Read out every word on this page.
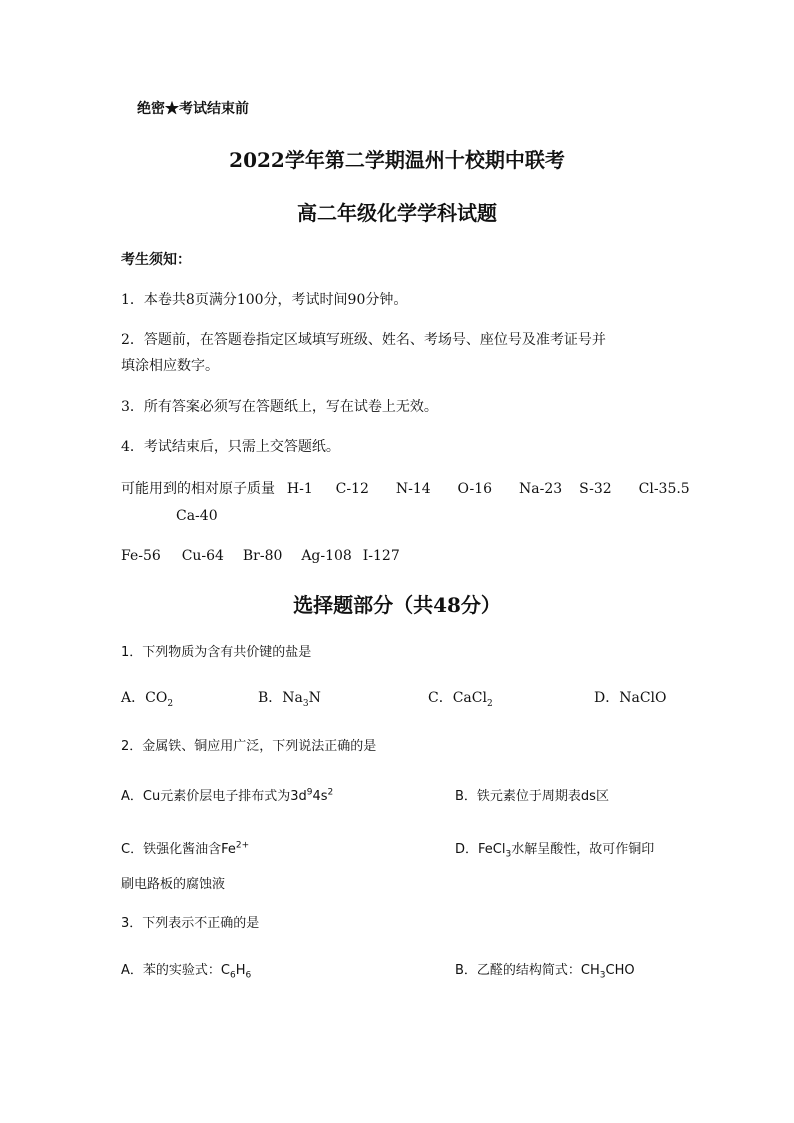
绝密★考试结束前
2022学年第二学期温州十校期中联考
高二年级化学学科试题
考生须知：
1．本卷共8页满分100分，考试时间90分钟。
2．答题前，在答题卷指定区域填写班级、姓名、考场号、座位号及准考证号并
填涂相应数字。
3．所有答案必须写在答题纸上，写在试卷上无效。
4．考试结束后，只需上交答题纸。
可能用到的相对原子质量 H-1 C-12 N-14 O-16 Na-23 S-32 Cl-35.5
Ca-40
Fe-56 Cu-64 Br-80 Ag-108 I-127
选择题部分（共48分）
1．下列物质为含有共价键的盐是
A．$CO_2$	B．$Na_3N$	C．CaCl$_2$	D．NaClO
2．金属铁、铜应用广泛，下列说法正确的是
A．Cu元素价层电子排布式为$3d^94s^2$	B．铁元素位于周期表ds区
C．铁强化酱油含$Fe^{2+}$	D．FeCl$_3$水解呈酸性，故可作铜印
刷电路板的腐蚀液
3．下列表示不正确的是
A．苯的实验式：$C_6H_6$	B．乙醛的结构简式：$CH_3CHO$
